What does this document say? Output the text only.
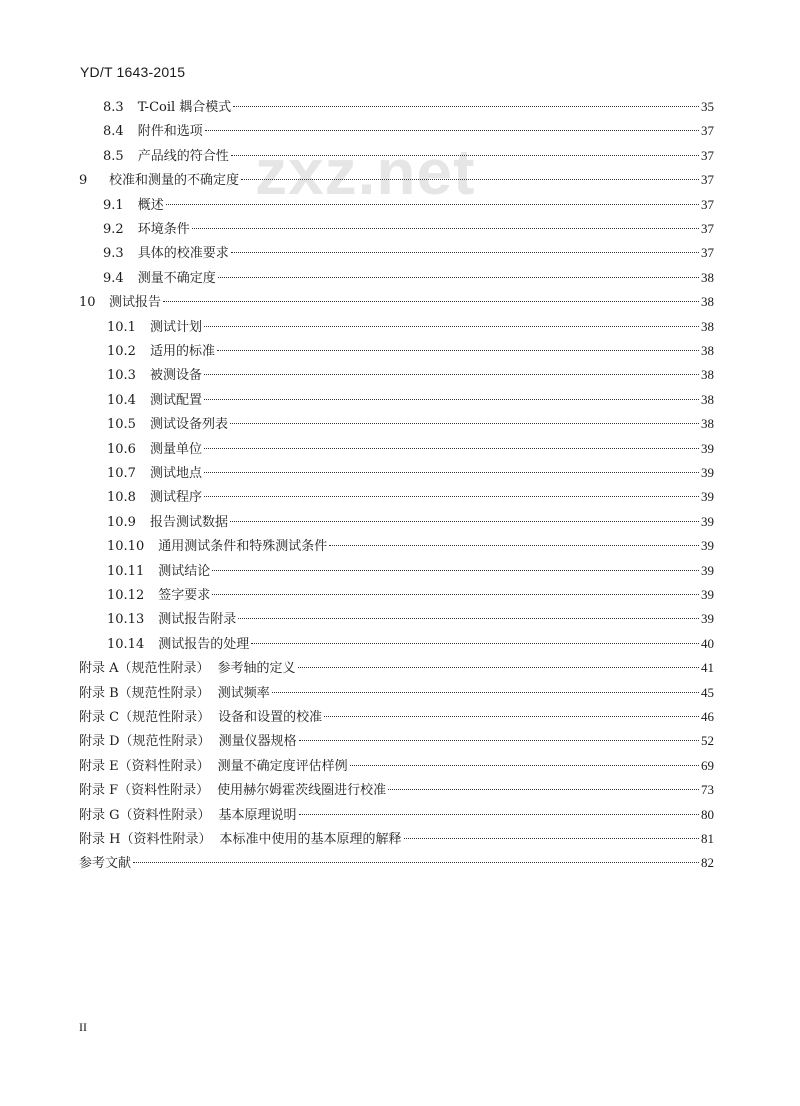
YD/T 1643-2015
zxz.net
8.3	T-Coil 耦合模式	35
8.4	附件和选项	37
8.5	产品线的符合性	37
9	校准和测量的不确定度	37
9.1	概述	37
9.2	环境条件	37
9.3	具体的校准要求	37
9.4	测量不确定度	38
10	测试报告	38
10.1	测试计划	38
10.2	适用的标准	38
10.3	被测设备	38
10.4	测试配置	38
10.5	测试设备列表	38
10.6	测量单位	39
10.7	测试地点	39
10.8	测试程序	39
10.9	报告测试数据	39
10.10	通用测试条件和特殊测试条件	39
10.11	测试结论	39
10.12	签字要求	39
10.13	测试报告附录	39
10.14	测试报告的处理	40
附录 A（规范性附录） 参考轴的定义	41
附录 B（规范性附录） 测试频率	45
附录 C（规范性附录） 设备和设置的校准	46
附录 D（规范性附录） 测量仪器规格	52
附录 E（资料性附录） 测量不确定度评估样例	69
附录 F（资料性附录） 使用赫尔姆霍茨线圈进行校准	73
附录 G（资料性附录） 基本原理说明	80
附录 H（资料性附录） 本标准中使用的基本原理的解释	81
参考文献	82
II
